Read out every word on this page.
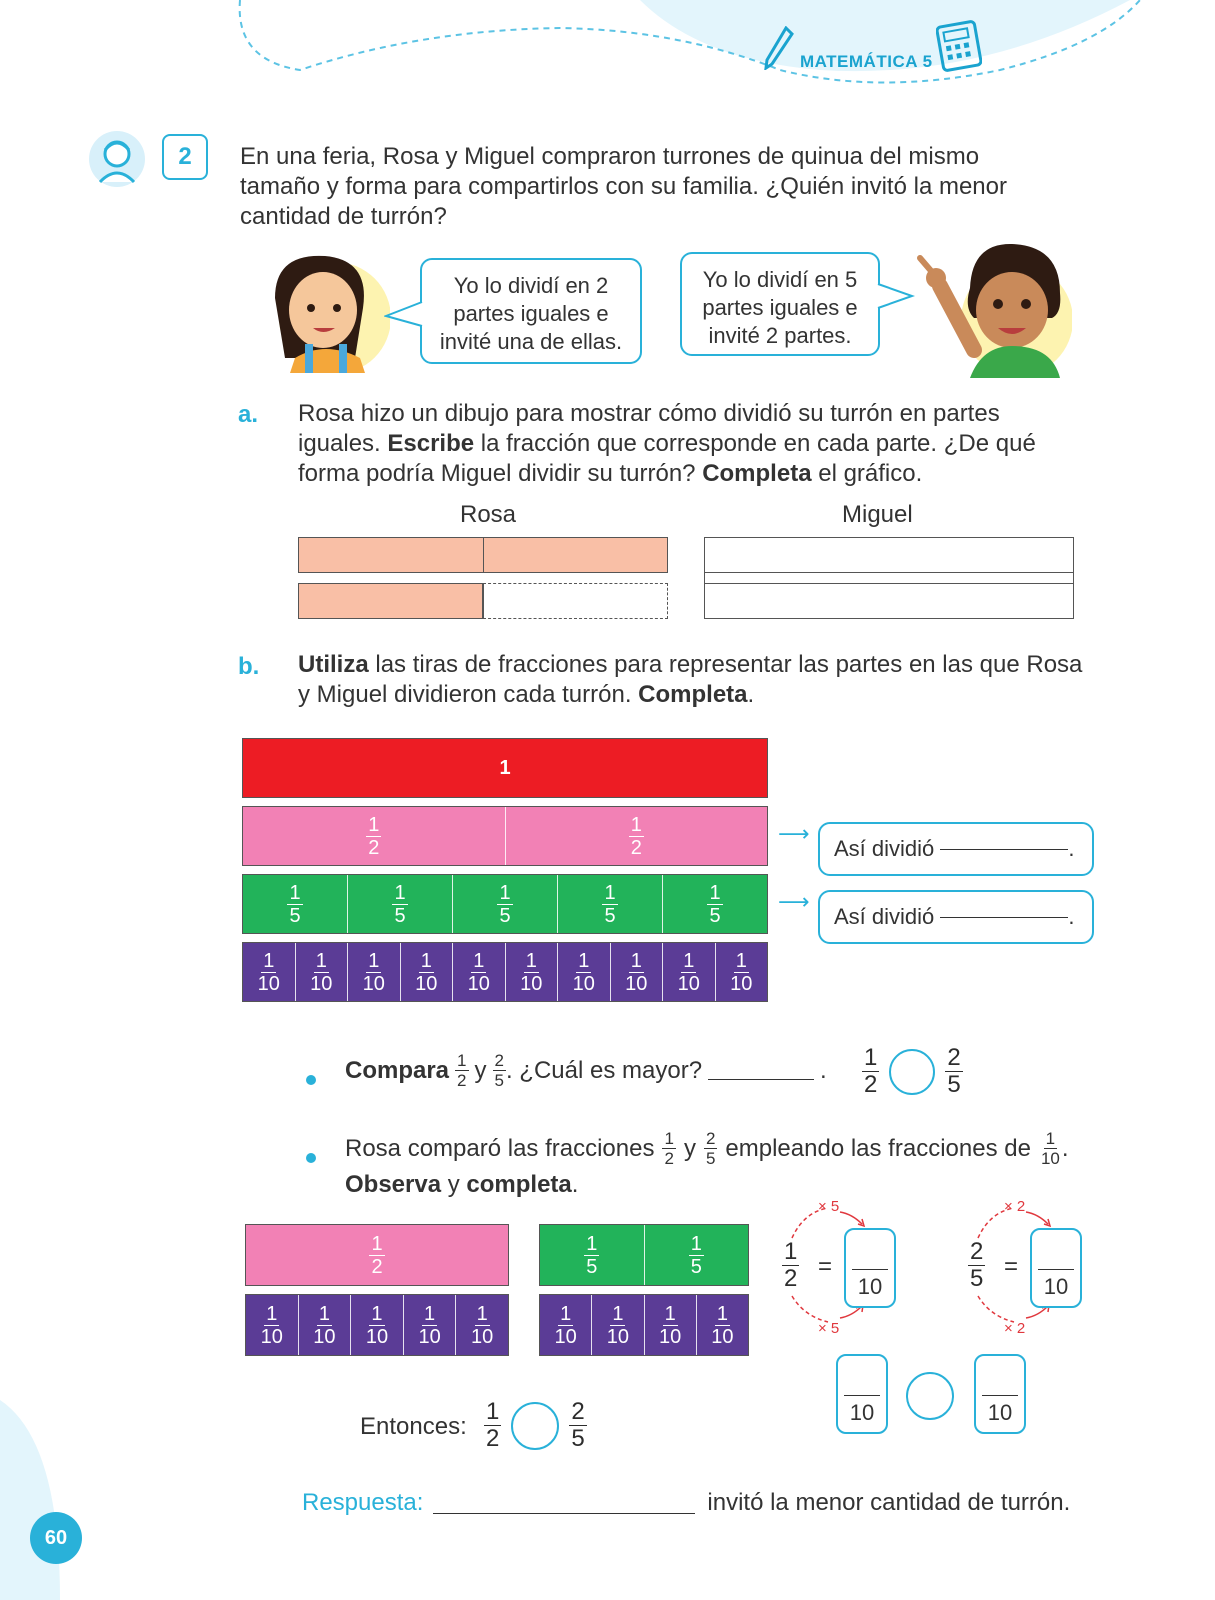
MATEMÁTICA 5
2 En una feria, Rosa y Miguel compraron turrones de quinua del mismo tamaño y forma para compartirlos con su familia. ¿Quién invitó la menor cantidad de turrón?
Yo lo dividí en 2 partes iguales e invité una de ellas.
Yo lo dividí en 5 partes iguales e invité 2 partes.
a. Rosa hizo un dibujo para mostrar cómo dividió su turrón en partes iguales. Escribe la fracción que corresponde en cada parte. ¿De qué forma podría Miguel dividir su turrón? Completa el gráfico.
Rosa	Miguel
b. Utiliza las tiras de fracciones para representar las partes en las que Rosa y Miguel dividieron cada turrón. Completa.
1
$\frac{1}{2}$	$\frac{1}{2}$
$\frac{1}{5}$	$\frac{1}{5}$	$\frac{1}{5}$	$\frac{1}{5}$	$\frac{1}{5}$
$\frac{1}{10} \frac{1}{10} \frac{1}{10} \frac{1}{10} \frac{1}{10} \frac{1}{10} \frac{1}{10} \frac{1}{10} \frac{1}{10} \frac{1}{10}$
⟶
Así dividió
	.
⟶
Así dividió
	.
Compara $\frac{1}{2}$ y $\frac{2}{5}$ . ¿Cuál es mayor?	. $\frac{1}{2}$	$\frac{2}{5}$
Rosa comparó las fracciones $\frac{1}{2}$ y $\frac{2}{5}$ empleando las fracciones de $\frac{1}{10}$ .
Observa y completa.
$\frac{1}{2}$
$\frac{1}{10} \frac{1}{10} \frac{1}{10} \frac{1}{10} \frac{1}{10}$
$\frac{1}{5}$	$\frac{1}{5}$
$\frac{1}{10} \frac{1}{10} \frac{1}{10} \frac{1}{10}$
× 5
× 5
$\frac{1}{2}$ =
10
× 2
× 2
$\frac{2}{5}$ =
10
10	10
Entonces: $\frac{1}{2}$	$\frac{2}{5}$
Respuesta:	invitó la menor cantidad de turrón.
60
